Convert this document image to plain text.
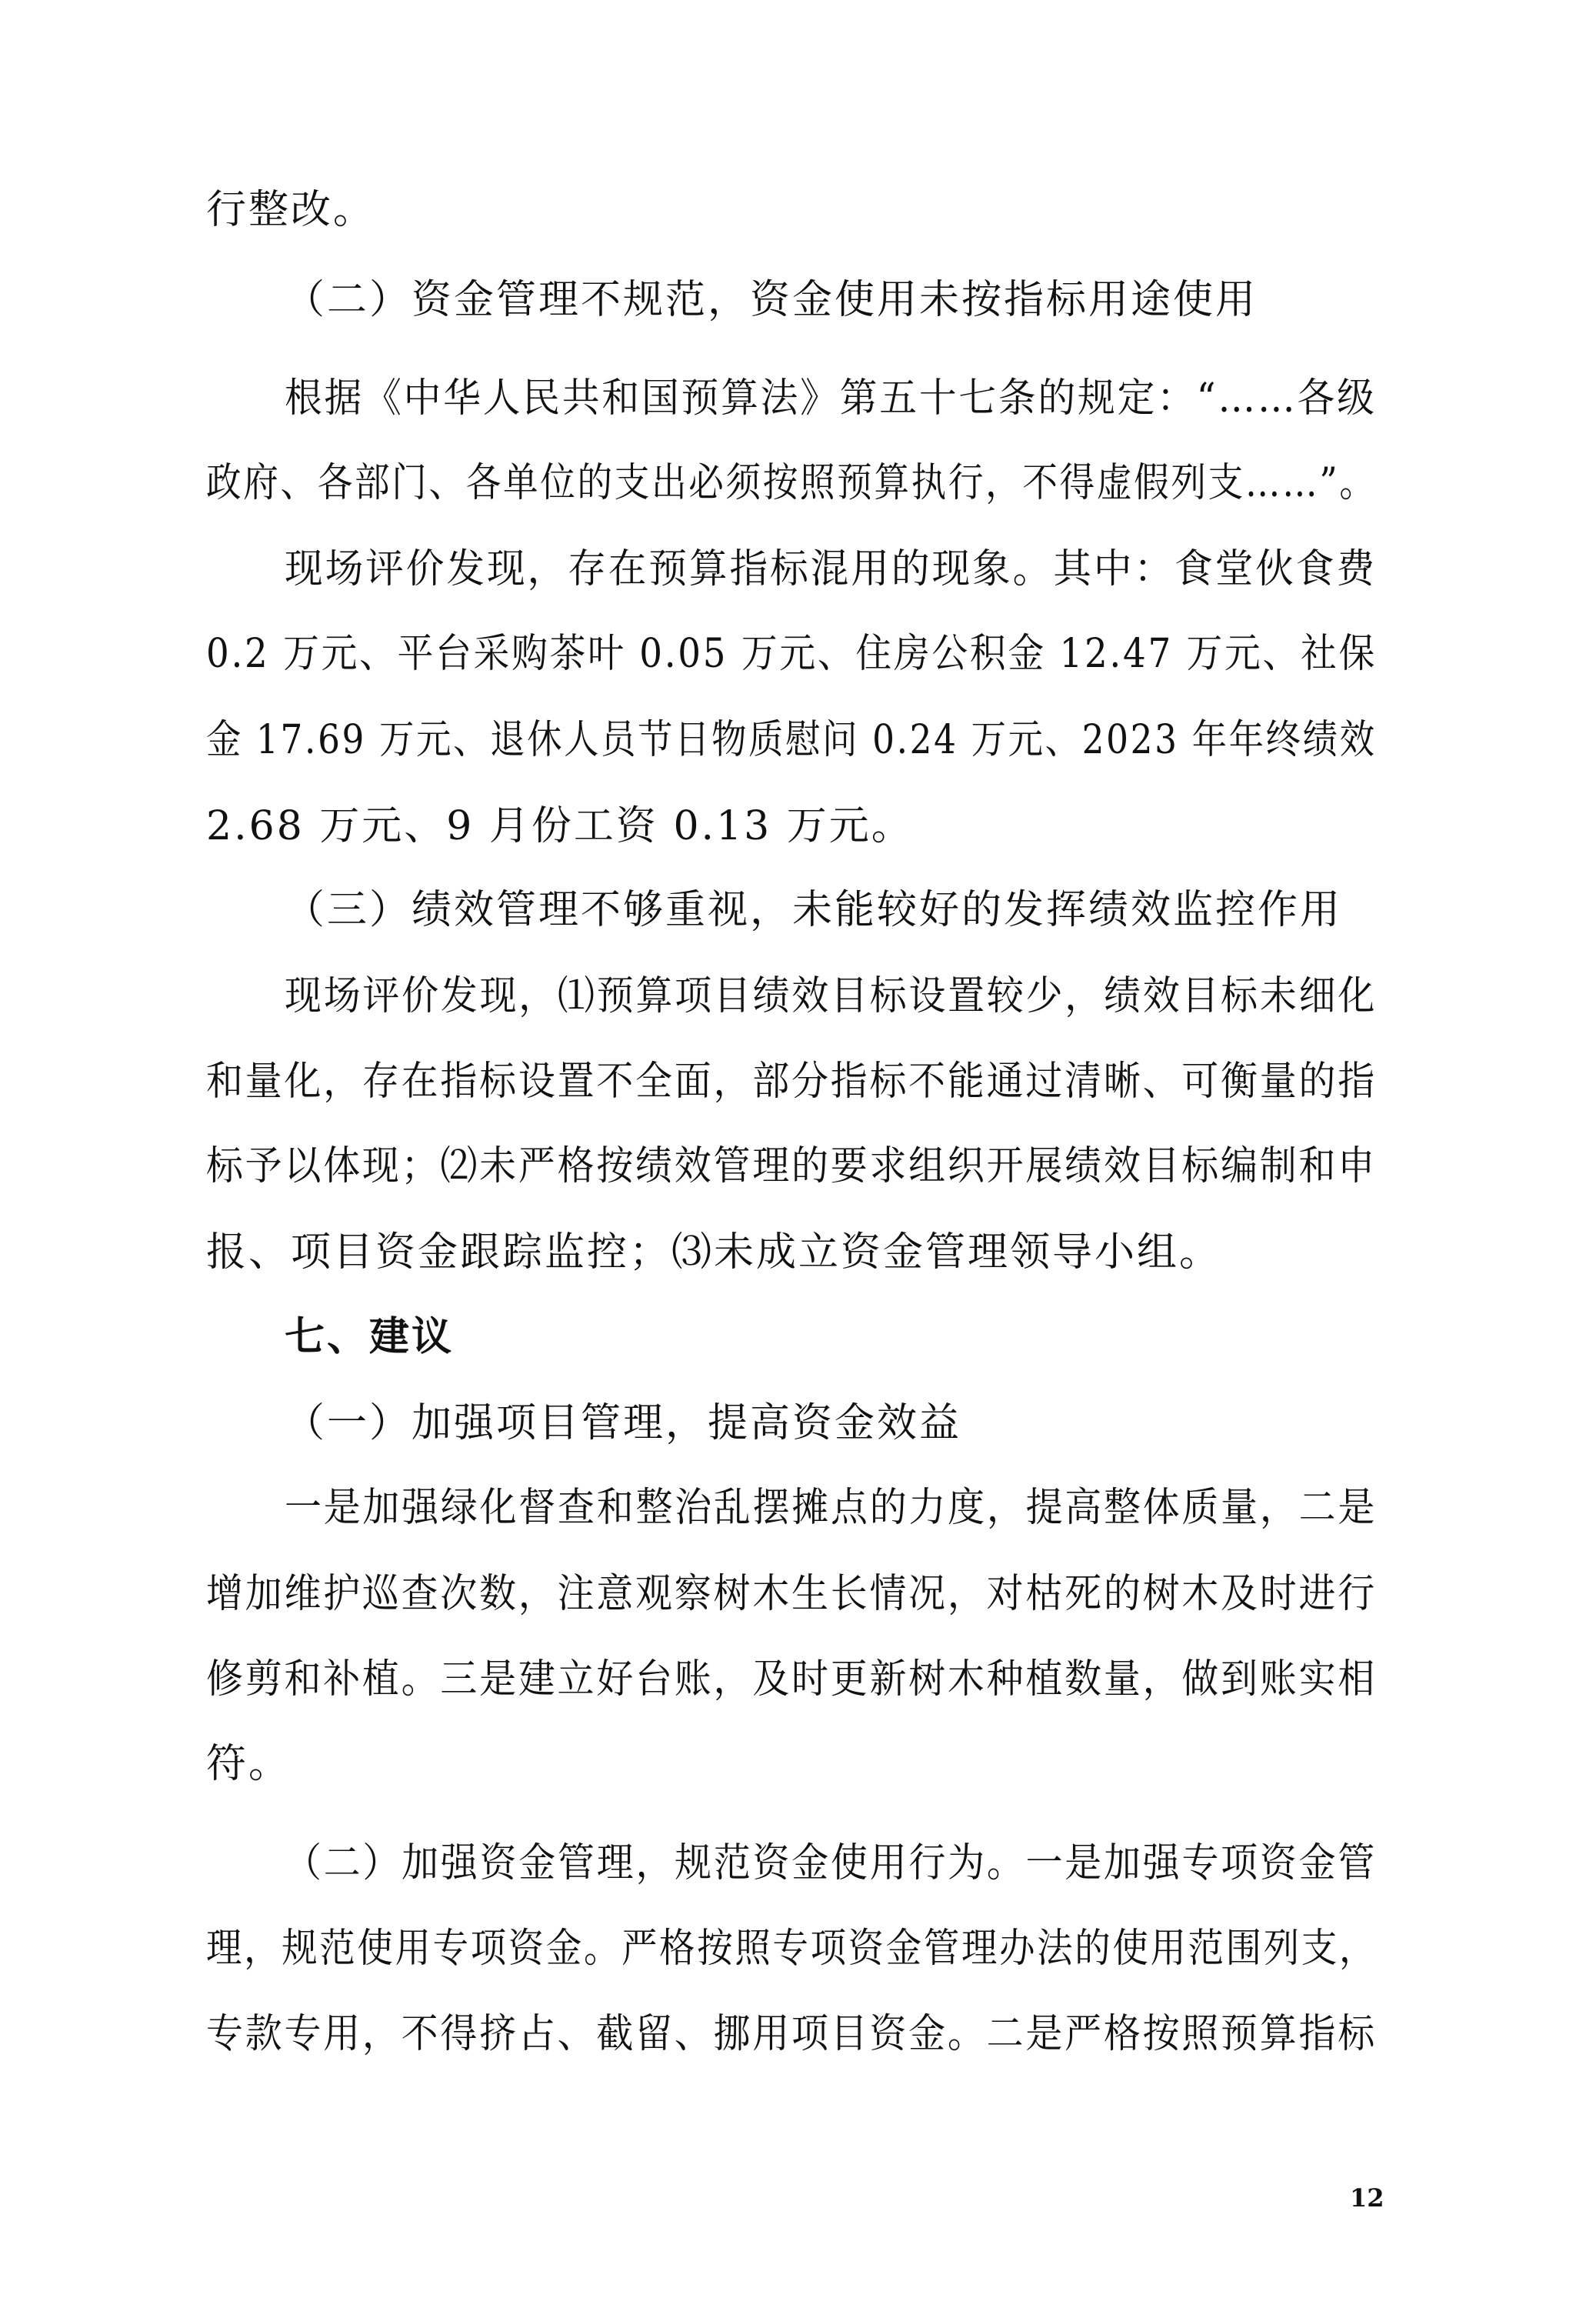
行整改。
（二）资金管理不规范，资金使用未按指标用途使用
根据《中华人民共和国预算法》第五十七条的规定：“……各级
政府、各部门、各单位的支出必须按照预算执行，不得虚假列支……”。
现场评价发现，存在预算指标混用的现象。其中：食堂伙食费
0.2 万元、平台采购茶叶 0.05 万元、住房公积金 12.47 万元、社保
金 17.69 万元、退休人员节日物质慰问 0.24 万元、2023 年年终绩效
2.68 万元、9 月份工资 0.13 万元。
（三）绩效管理不够重视，未能较好的发挥绩效监控作用
现场评价发现，⑴预算项目绩效目标设置较少，绩效目标未细化
和量化，存在指标设置不全面，部分指标不能通过清晰、可衡量的指
标予以体现；⑵未严格按绩效管理的要求组织开展绩效目标编制和申
报、项目资金跟踪监控；⑶未成立资金管理领导小组。
七、建议
（一）加强项目管理，提高资金效益
一是加强绿化督查和整治乱摆摊点的力度，提高整体质量，二是
增加维护巡查次数，注意观察树木生长情况，对枯死的树木及时进行
修剪和补植。三是建立好台账，及时更新树木种植数量，做到账实相
符。
（二）加强资金管理，规范资金使用行为。一是加强专项资金管
理，规范使用专项资金。严格按照专项资金管理办法的使用范围列支，
专款专用，不得挤占、截留、挪用项目资金。二是严格按照预算指标
12
